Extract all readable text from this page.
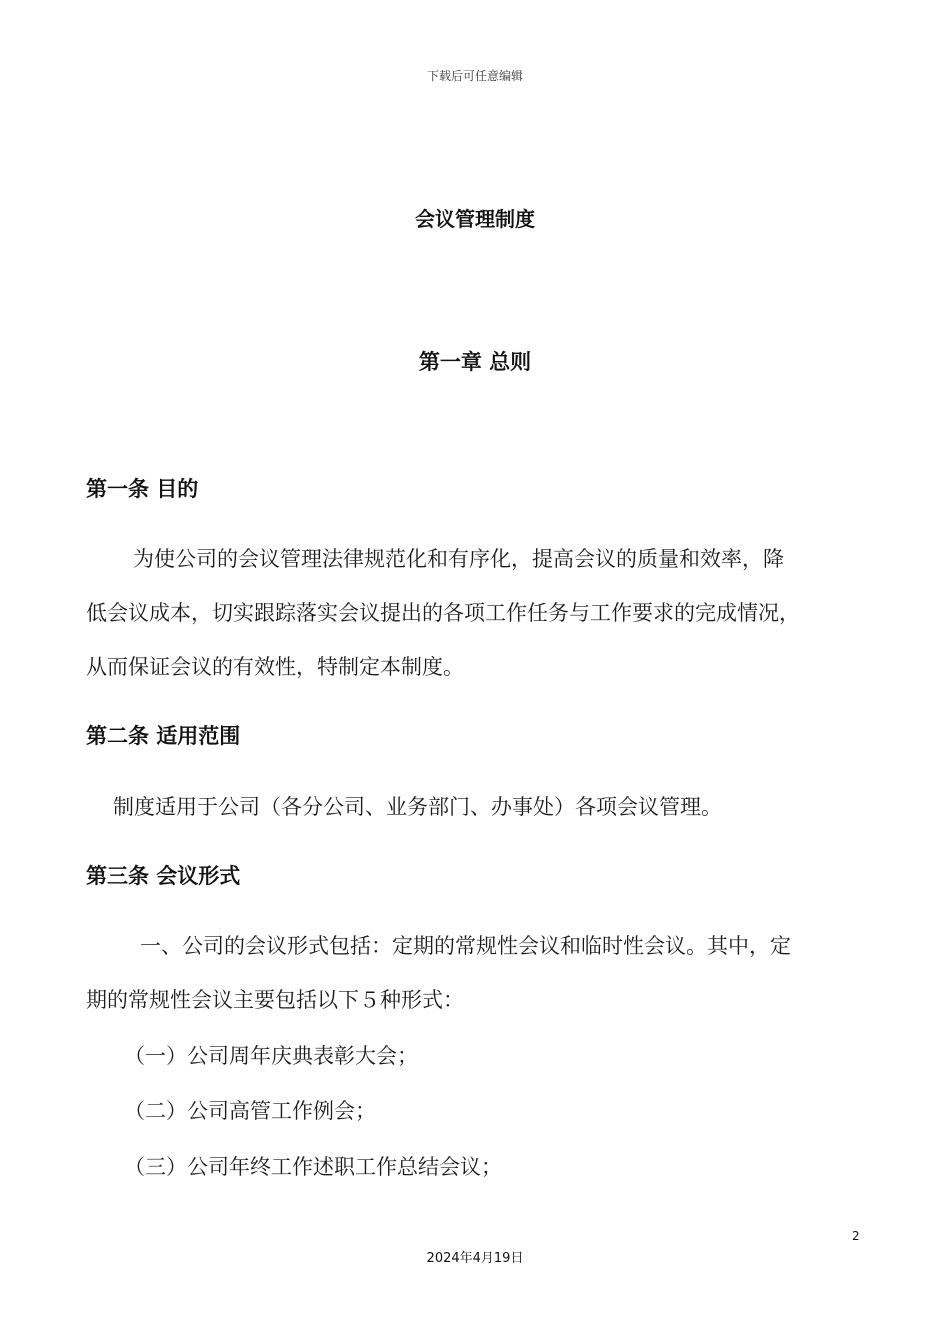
下载后可任意编辑
会议管理制度
第一章 总则
第一条 目的
为使公司的会议管理法律规范化和有序化，提高会议的质量和效率，降
低会议成本，切实跟踪落实会议提出的各项工作任务与工作要求的完成情况，
从而保证会议的有效性，特制定本制度。
第二条 适用范围
制度适用于公司（各分公司、业务部门、办事处）各项会议管理。
第三条 会议形式
一、公司的会议形式包括：定期的常规性会议和临时性会议。其中，定
期的常规性会议主要包括以下５种形式：
（一）公司周年庆典表彰大会；
（二）公司高管工作例会；
（三）公司年终工作述职工作总结会议；
2
2024年4月19日
